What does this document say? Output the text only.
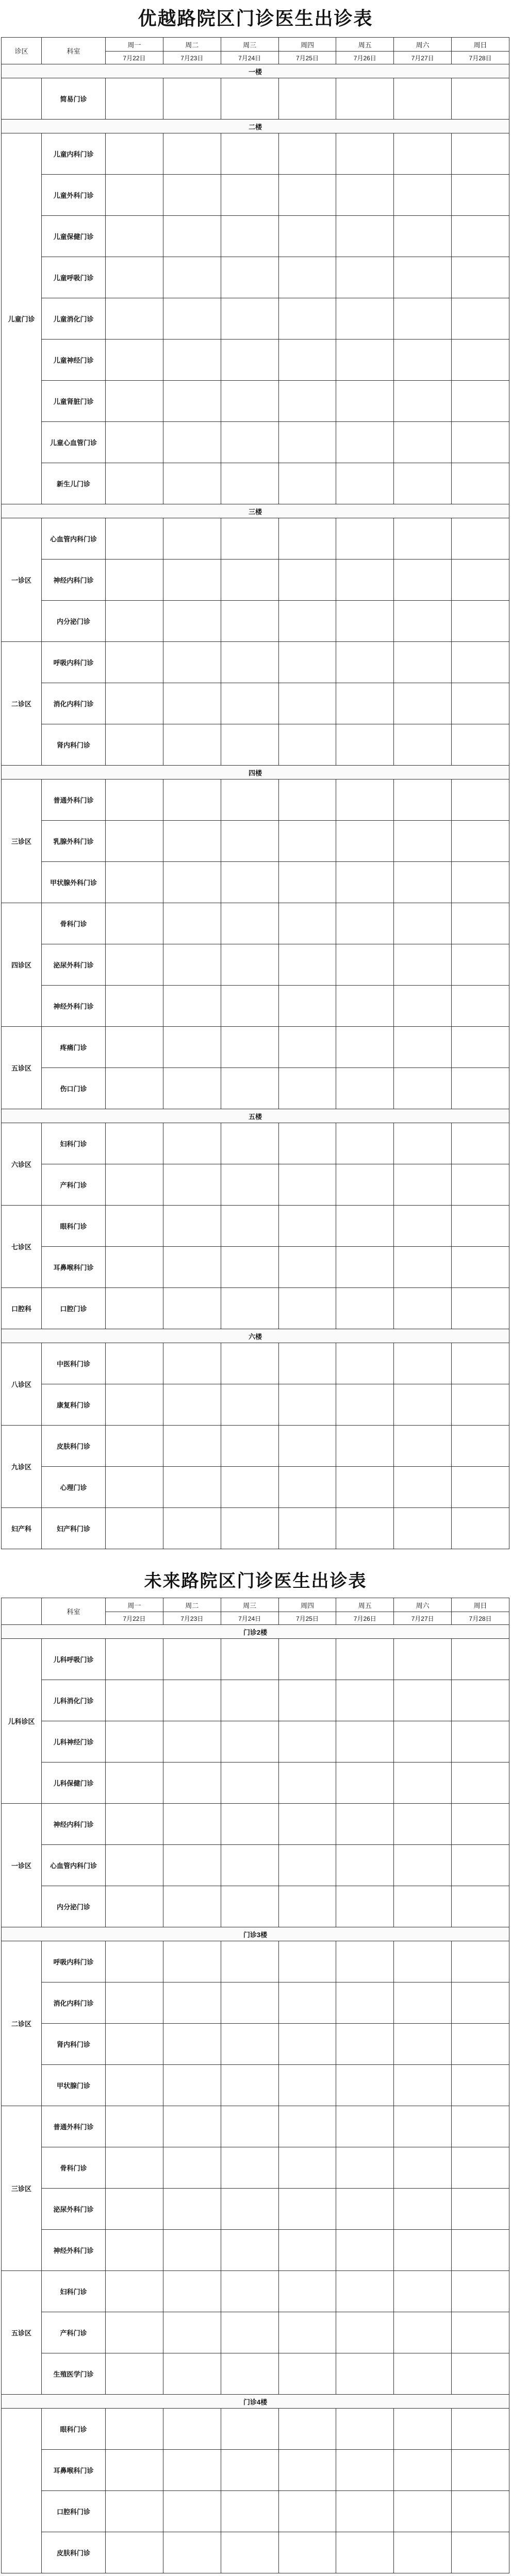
优越路院区门诊医生出诊表
诊区	科室	周一	周二	周三	周四	周五	周六	周日
		7月22日	7月23日	7月24日	7月25日	7月26日	7月27日	7月28日
一楼								
	简易门诊	

二楼								
儿童门诊	儿童内科门诊	

	儿童外科门诊	

	儿童保健门诊	

	儿童呼吸门诊	

	儿童消化门诊	

	儿童神经门诊	

	儿童肾脏门诊	

	儿童心血管门诊	

	新生儿门诊	

三楼								
一诊区	心血管内科门诊	

	神经内科门诊	

	内分泌门诊	

二诊区	呼吸内科门诊	

	消化内科门诊	

	肾内科门诊	

四楼								
三诊区	普通外科门诊	

	乳腺外科门诊	

	甲状腺外科门诊	

四诊区	骨科门诊	

	泌尿外科门诊	

	神经外科门诊	

五诊区	疼痛门诊	

	伤口门诊	

五楼								
六诊区	妇科门诊	

	产科门诊	

七诊区	眼科门诊	

	耳鼻喉科门诊	

口腔科	口腔门诊	

六楼								
八诊区	中医科门诊	

	康复科门诊	

九诊区	皮肤科门诊	

	心理门诊	

妇产科	妇产科门诊	

未来路院区门诊医生出诊表
	科室	周一	周二	周三	周四	周五	周六	周日
		7月22日	7月23日	7月24日	7月25日	7月26日	7月27日	7月28日
门诊2楼								
儿科诊区	儿科呼吸门诊	

	儿科消化门诊	

	儿科神经门诊	

	儿科保健门诊	

一诊区	神经内科门诊	

	心血管内科门诊	

	内分泌门诊	

门诊3楼								
二诊区	呼吸内科门诊	

	消化内科门诊	

	肾内科门诊	

	甲状腺门诊	

三诊区	普通外科门诊	

	骨科门诊	

	泌尿外科门诊	

	神经外科门诊	

五诊区	妇科门诊	

	产科门诊	

	生殖医学门诊	

门诊4楼								
	眼科门诊	

	耳鼻喉科门诊	

	口腔科门诊	

	皮肤科门诊	
